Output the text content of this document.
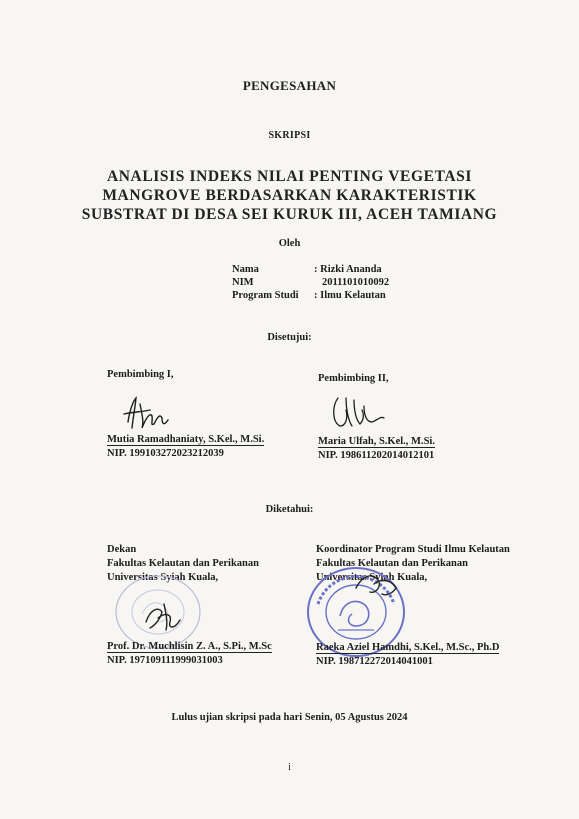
PENGESAHAN
SKRIPSI
ANALISIS INDEKS NILAI PENTING VEGETASI
MANGROVE BERDASARKAN KARAKTERISTIK
SUBSTRAT DI DESA SEI KURUK III, ACEH TAMIANG
Oleh
Nama	: Rizki Ananda
NIM	2011101010092
Program Studi : Ilmu Kelautan
Disetujui:
Pembimbing I,
Mutia Ramadhaniaty, S.Kel., M.Si.
NIP. 199103272023212039
Pembimbing II,
Maria Ulfah, S.Kel., M.Si.
NIP. 198611202014012101
Diketahui:
Dekan
Fakultas Kelautan dan Perikanan
Universitas Syiah Kuala,
Prof. Dr. Muchlisin Z. A., S.Pi., M.Sc
NIP. 197109111999031003
Koordinator Program Studi Ilmu Kelautan
Fakultas Kelautan dan Perikanan
Universitas Syiah Kuala,
Raeka Aziel Hamdhi, S.Kel., M.Sc., Ph.D
NIP. 198712272014041001
Lulus ujian skripsi pada hari Senin, 05 Agustus 2024
i
